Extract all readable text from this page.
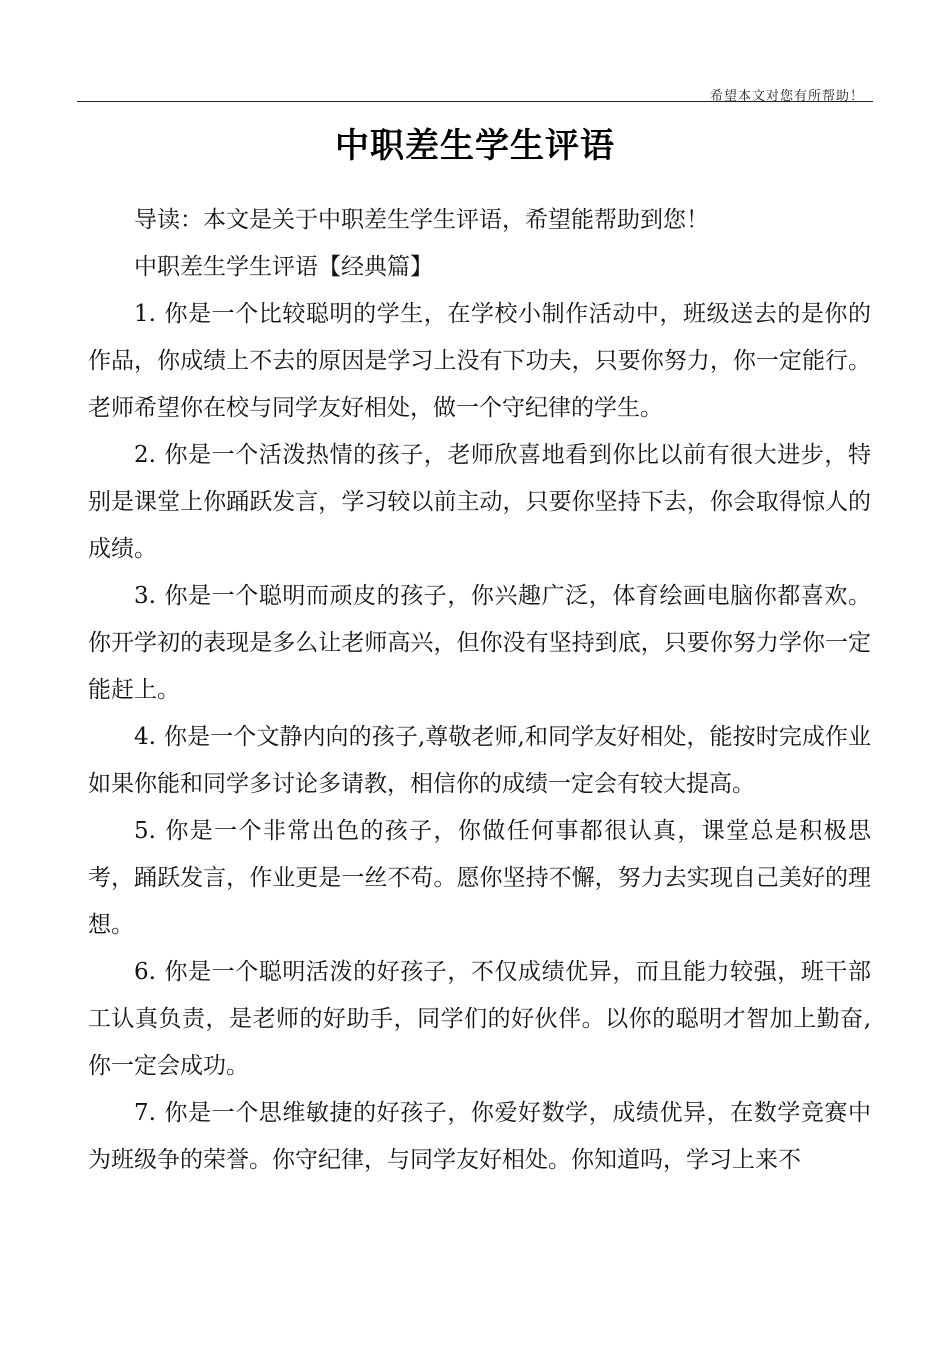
希望本文对您有所帮助！
中职差生学生评语

导读：本文是关于中职差生学生评语，希望能帮助到您！

中职差生学生评语【经典篇】

1. 你是一个比较聪明的学生，在学校小制作活动中，班级送去的是你的作品，你成绩上不去的原因是学习上没有下功夫，只要你努力，你一定能行。老师希望你在校与同学友好相处，做一个守纪律的学生。

2. 你是一个活泼热情的孩子，老师欣喜地看到你比以前有很大进步，特别是课堂上你踊跃发言，学习较以前主动，只要你坚持下去，你会取得惊人的成绩。

3. 你是一个聪明而顽皮的孩子，你兴趣广泛，体育绘画电脑你都喜欢。你开学初的表现是多么让老师高兴，但你没有坚持到底，只要你努力学你一定能赶上。

4. 你是一个文静内向的孩子,尊敬老师,和同学友好相处，能按时完成作业如果你能和同学多讨论多请教，相信你的成绩一定会有较大提高。

5. 你是一个非常出色的孩子，你做任何事都很认真，课堂总是积极思考，踊跃发言，作业更是一丝不苟。愿你坚持不懈，努力去实现自己美好的理想。

6. 你是一个聪明活泼的好孩子，不仅成绩优异，而且能力较强，班干部工认真负责，是老师的好助手，同学们的好伙伴。以你的聪明才智加上勤奋,你一定会成功。

7. 你是一个思维敏捷的好孩子，你爱好数学，成绩优异，在数学竞赛中为班级争的荣誉。你守纪律，与同学友好相处。你知道吗，学习上来不
